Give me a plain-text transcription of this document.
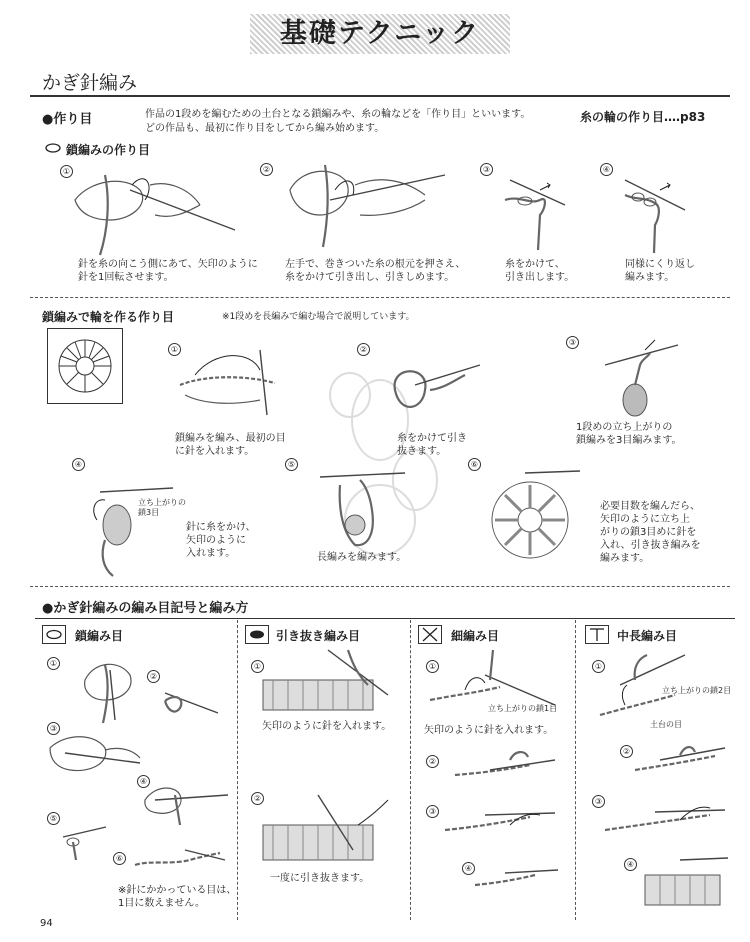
基礎テクニック
かぎ針編み
●作り目	作品の1段めを編むための土台となる鎖編みや、糸の輪などを「作り目」といいます。
どの作品も、最初に作り目をしてから編み始めます。
糸の輪の作り目‥‥p83
鎖編みの作り目
①	②	③	④
針を糸の向こう側にあて、矢印のように
針を1回転させます。
左手で、巻きついた糸の根元を押さえ、
糸をかけて引き出し、引きしめます。
糸をかけて、
引き出します。
同様にくり返し
編みます。
鎖編みで輪を作る作り目	※1段めを長編みで編む場合で説明しています。
①	②
③
鎖編みを編み、最初の目
に針を入れます。
糸をかけて引き
抜きます。
1段めの立ち上がりの
鎖編みを3目編みます。
④	⑤	⑥
立ち上がりの
鎖3目
針に糸をかけ、
矢印のように
入れます。	長編みを編みます。
必要目数を編んだら、
矢印のように立ち上
がりの鎖3目めに針を
入れ、引き抜き編みを
編みます。
●かぎ針編みの編み目記号と編み方
鎖編み目	引き抜き編み目	細編み目	中長編み目
①
②
③
④
⑤
⑥
※針にかかっている目は、
1目に数えません。
①
②
矢印のように針を入れます。
一度に引き抜きます。
①
②
③
④
立ち上がりの鎖1目
矢印のように針を入れます。
①
②
③
④
立ち上がりの鎖2目
土台の目
94
